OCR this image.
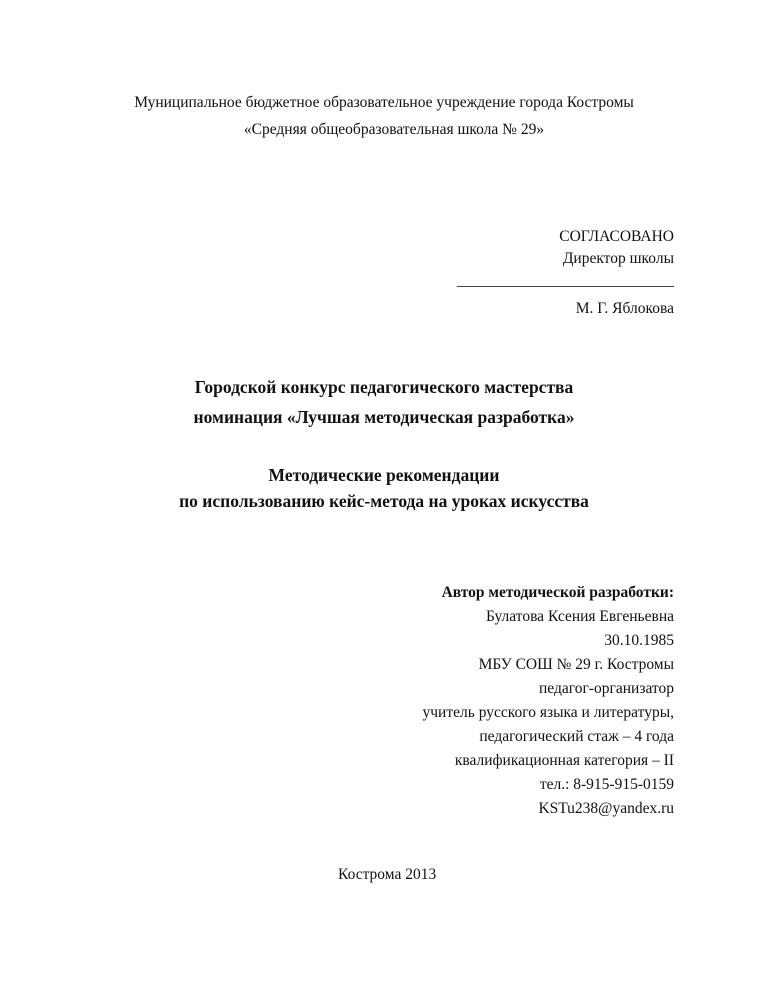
Муниципальное бюджетное образовательное учреждение города Костромы
«Средняя общеобразовательная школа № 29»
СОГЛАСОВАНО
Директор школы
____________________________
М. Г. Яблокова
Городской конкурс педагогического мастерства
номинация «Лучшая методическая разработка»
Методические рекомендации
по использованию кейс-метода на уроках искусства
Автор методической разработки:
Булатова Ксения Евгеньевна
30.10.1985
МБУ СОШ № 29 г. Костромы
педагог-организатор
учитель русского языка и литературы,
педагогический стаж – 4 года
квалификационная категория – II
тел.: 8-915-915-0159
KSTu238@yandex.ru
Кострома 2013
